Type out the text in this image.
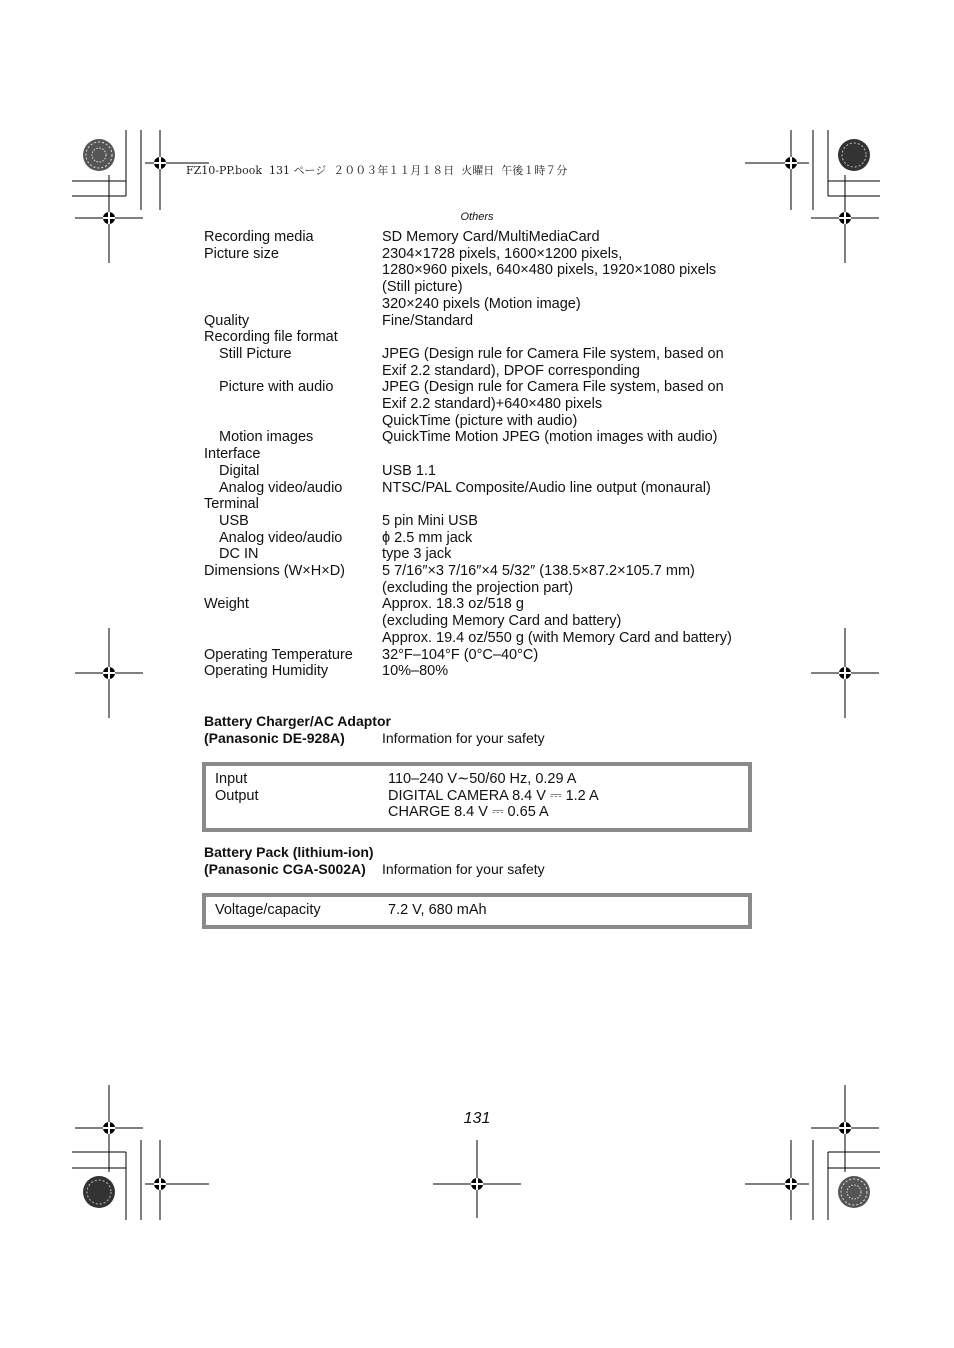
FZ10-PP.book  131 ページ  ２００３年１１月１８日  火曜日  午後１時７分
Others
Recording media	SD Memory Card/MultiMediaCard
Picture size	2304×1728 pixels, 1600×1200 pixels,
1280×960 pixels, 640×480 pixels, 1920×1080 pixels
(Still picture)
320×240 pixels (Motion image)
Quality	Fine/Standard
Recording file format
Still Picture	JPEG (Design rule for Camera File system, based on
Exif 2.2 standard), DPOF corresponding
Picture with audio	JPEG (Design rule for Camera File system, based on
Exif 2.2 standard)+640×480 pixels
QuickTime (picture with audio)
Motion images	QuickTime Motion JPEG (motion images with audio)
Interface
Digital	USB 1.1
Analog video/audio	NTSC/PAL Composite/Audio line output (monaural)
Terminal
USB	5 pin Mini USB
Analog video/audio	ϕ 2.5 mm jack
DC IN	type 3 jack
Dimensions (W×H×D)	5 7/16″×3 7/16″×4 5/32″ (138.5×87.2×105.7 mm)
(excluding the projection part)
Weight	Approx. 18.3 oz/518 g
(excluding Memory Card and battery)
Approx. 19.4 oz/550 g (with Memory Card and battery)
Operating Temperature	32°F–104°F (0°C–40°C)
Operating Humidity	10%–80%
Battery Charger/AC Adaptor
(Panasonic DE-928A)	Information for your safety
Input	110–240 V∼50/60 Hz, 0.29 A
Output	DIGITAL CAMERA 8.4 V ⎓ 1.2 A
CHARGE 8.4 V ⎓ 0.65 A
Battery Pack (lithium-ion)
(Panasonic CGA-S002A)	Information for your safety
Voltage/capacity	7.2 V, 680 mAh
131
